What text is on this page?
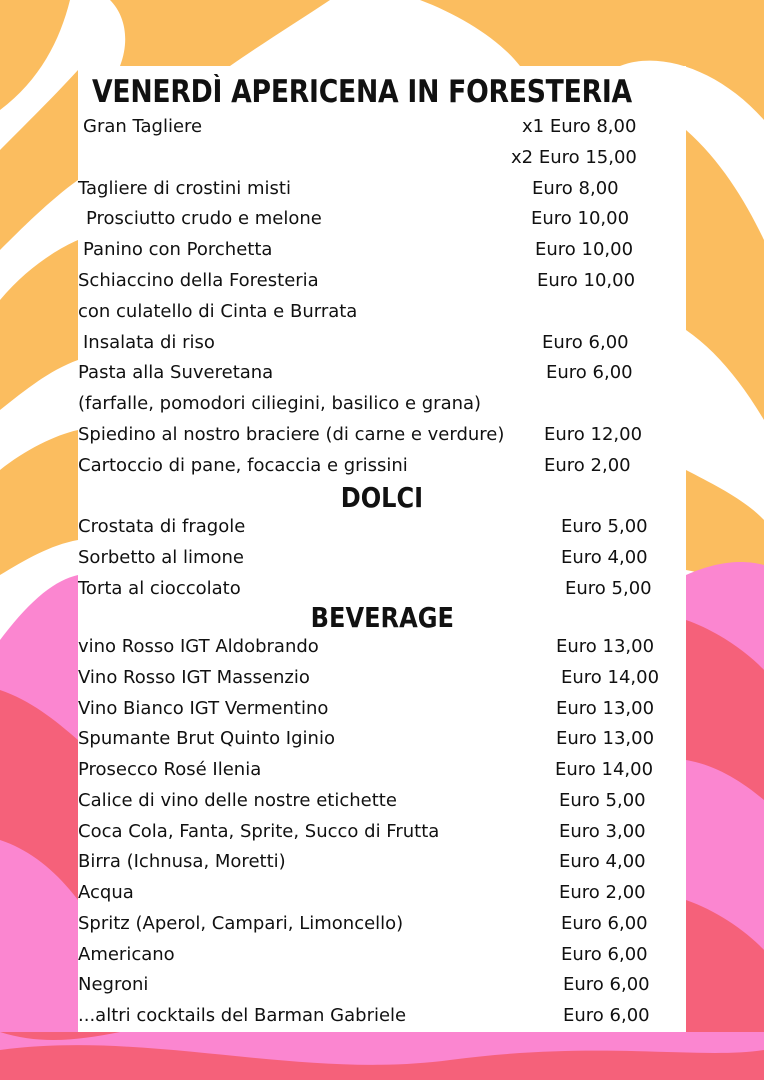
VENERDÌ APERICENA IN FORESTERIA
Gran Tagliere	x1 Euro 8,00
x2 Euro 15,00
Tagliere di crostini misti	Euro 8,00
Prosciutto crudo e melone	Euro 10,00
Panino con Porchetta	Euro 10,00
Schiaccino della Foresteria	Euro 10,00
con culatello di Cinta e Burrata
Insalata di riso	Euro 6,00
Pasta alla Suveretana	Euro 6,00
(farfalle, pomodori ciliegini, basilico e grana)
Spiedino al nostro braciere (di carne e verdure) Euro 12,00
Cartoccio di pane, focaccia e grissini	Euro 2,00
DOLCI
Crostata di fragole	Euro 5,00
Sorbetto al limone	Euro 4,00
Torta al cioccolato	Euro 5,00
BEVERAGE
vino Rosso IGT Aldobrando	Euro 13,00
Vino Rosso IGT Massenzio	Euro 14,00
Vino Bianco IGT Vermentino	Euro 13,00
Spumante Brut Quinto Iginio	Euro 13,00
Prosecco Rosé Ilenia	Euro 14,00
Calice di vino delle nostre etichette	Euro 5,00
Coca Cola, Fanta, Sprite, Succo di Frutta	Euro 3,00
Birra (Ichnusa, Moretti)	Euro 4,00
Acqua	Euro 2,00
Spritz (Aperol, Campari, Limoncello)	Euro 6,00
Americano	Euro 6,00
Negroni	Euro 6,00
...altri cocktails del Barman Gabriele	Euro 6,00
